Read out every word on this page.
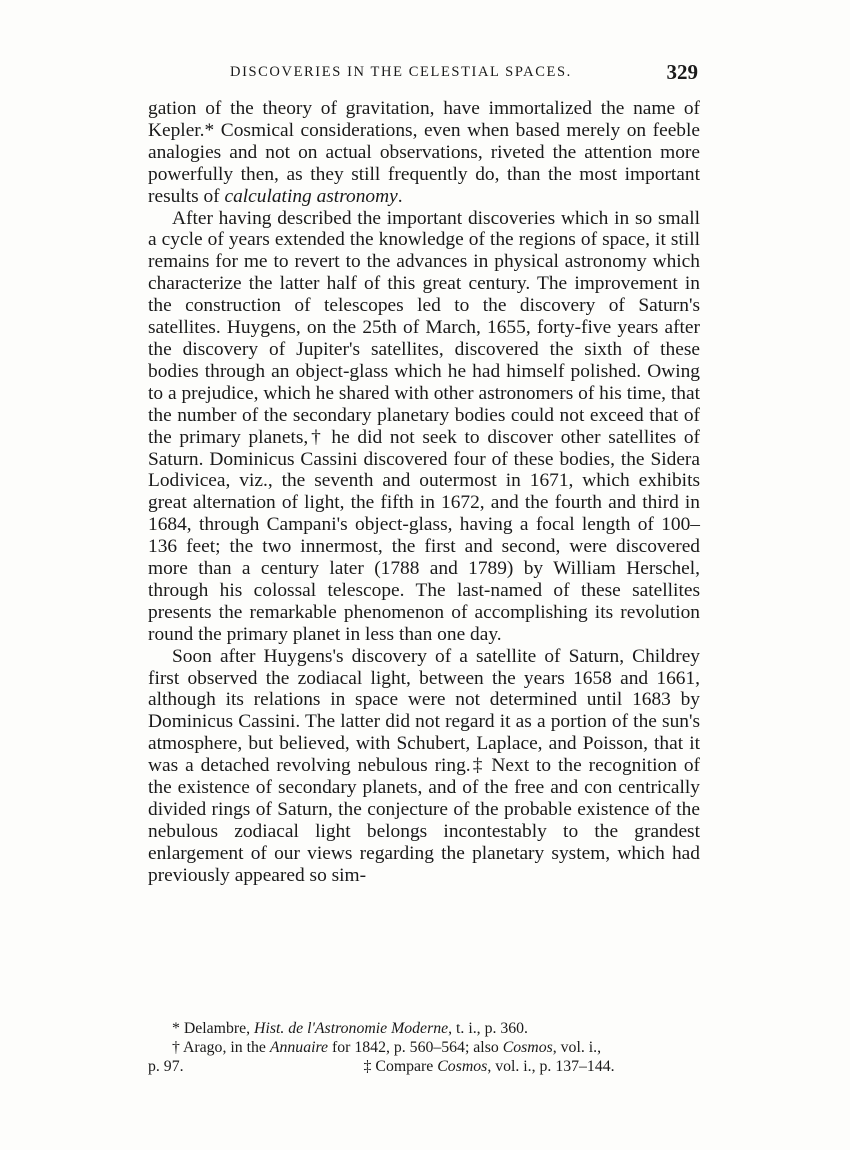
DISCOVERIES IN THE CELESTIAL SPACES.	329

gation of the theory of gravitation, have immortalized the name of Kepler.* Cosmical considerations, even when based merely on feeble analogies and not on actual observations, riveted the attention more powerfully then, as they still frequently do, than the most important results of calculating astronomy.

After having described the important discoveries which in so small a cycle of years extended the knowledge of the regions of space, it still remains for me to revert to the advances in physical astronomy which characterize the latter half of this great century. The improvement in the construction of telescopes led to the discovery of Saturn's satellites. Huygens, on the 25th of March, 1655, forty-five years after the discovery of Jupiter's satellites, discovered the sixth of these bodies through an object-glass which he had himself polished. Owing to a prejudice, which he shared with other astronomers of his time, that the number of the secondary planetary bodies could not exceed that of the primary planets,† he did not seek to discover other satellites of Saturn. Dominicus Cassini discovered four of these bodies, the Sidera Lodivicea, viz., the seventh and outermost in 1671, which exhibits great alternation of light, the fifth in 1672, and the fourth and third in 1684, through Campani's object-glass, having a focal length of 100–136 feet; the two innermost, the first and second, were discovered more than a century later (1788 and 1789) by William Herschel, through his colossal telescope. The last-named of these satellites presents the remarkable phenomenon of accomplishing its revolution round the primary planet in less than one day.

Soon after Huygens's discovery of a satellite of Saturn, Childrey first observed the zodiacal light, between the years 1658 and 1661, although its relations in space were not determined until 1683 by Dominicus Cassini. The latter did not regard it as a portion of the sun's atmosphere, but believed, with Schubert, Laplace, and Poisson, that it was a detached revolving nebulous ring.‡ Next to the recognition of the existence of secondary planets, and of the free and con centrically divided rings of Saturn, the conjecture of the probable existence of the nebulous zodiacal light belongs incontestably to the grandest enlargement of our views regarding the planetary system, which had previously appeared so sim-

* Delambre, Hist. de l'Astronomie Moderne, t. i., p. 360.

† Arago, in the Annuaire for 1842, p. 560–564; also Cosmos, vol. i.,

p. 97.	‡ Compare Cosmos, vol. i., p. 137–144.
